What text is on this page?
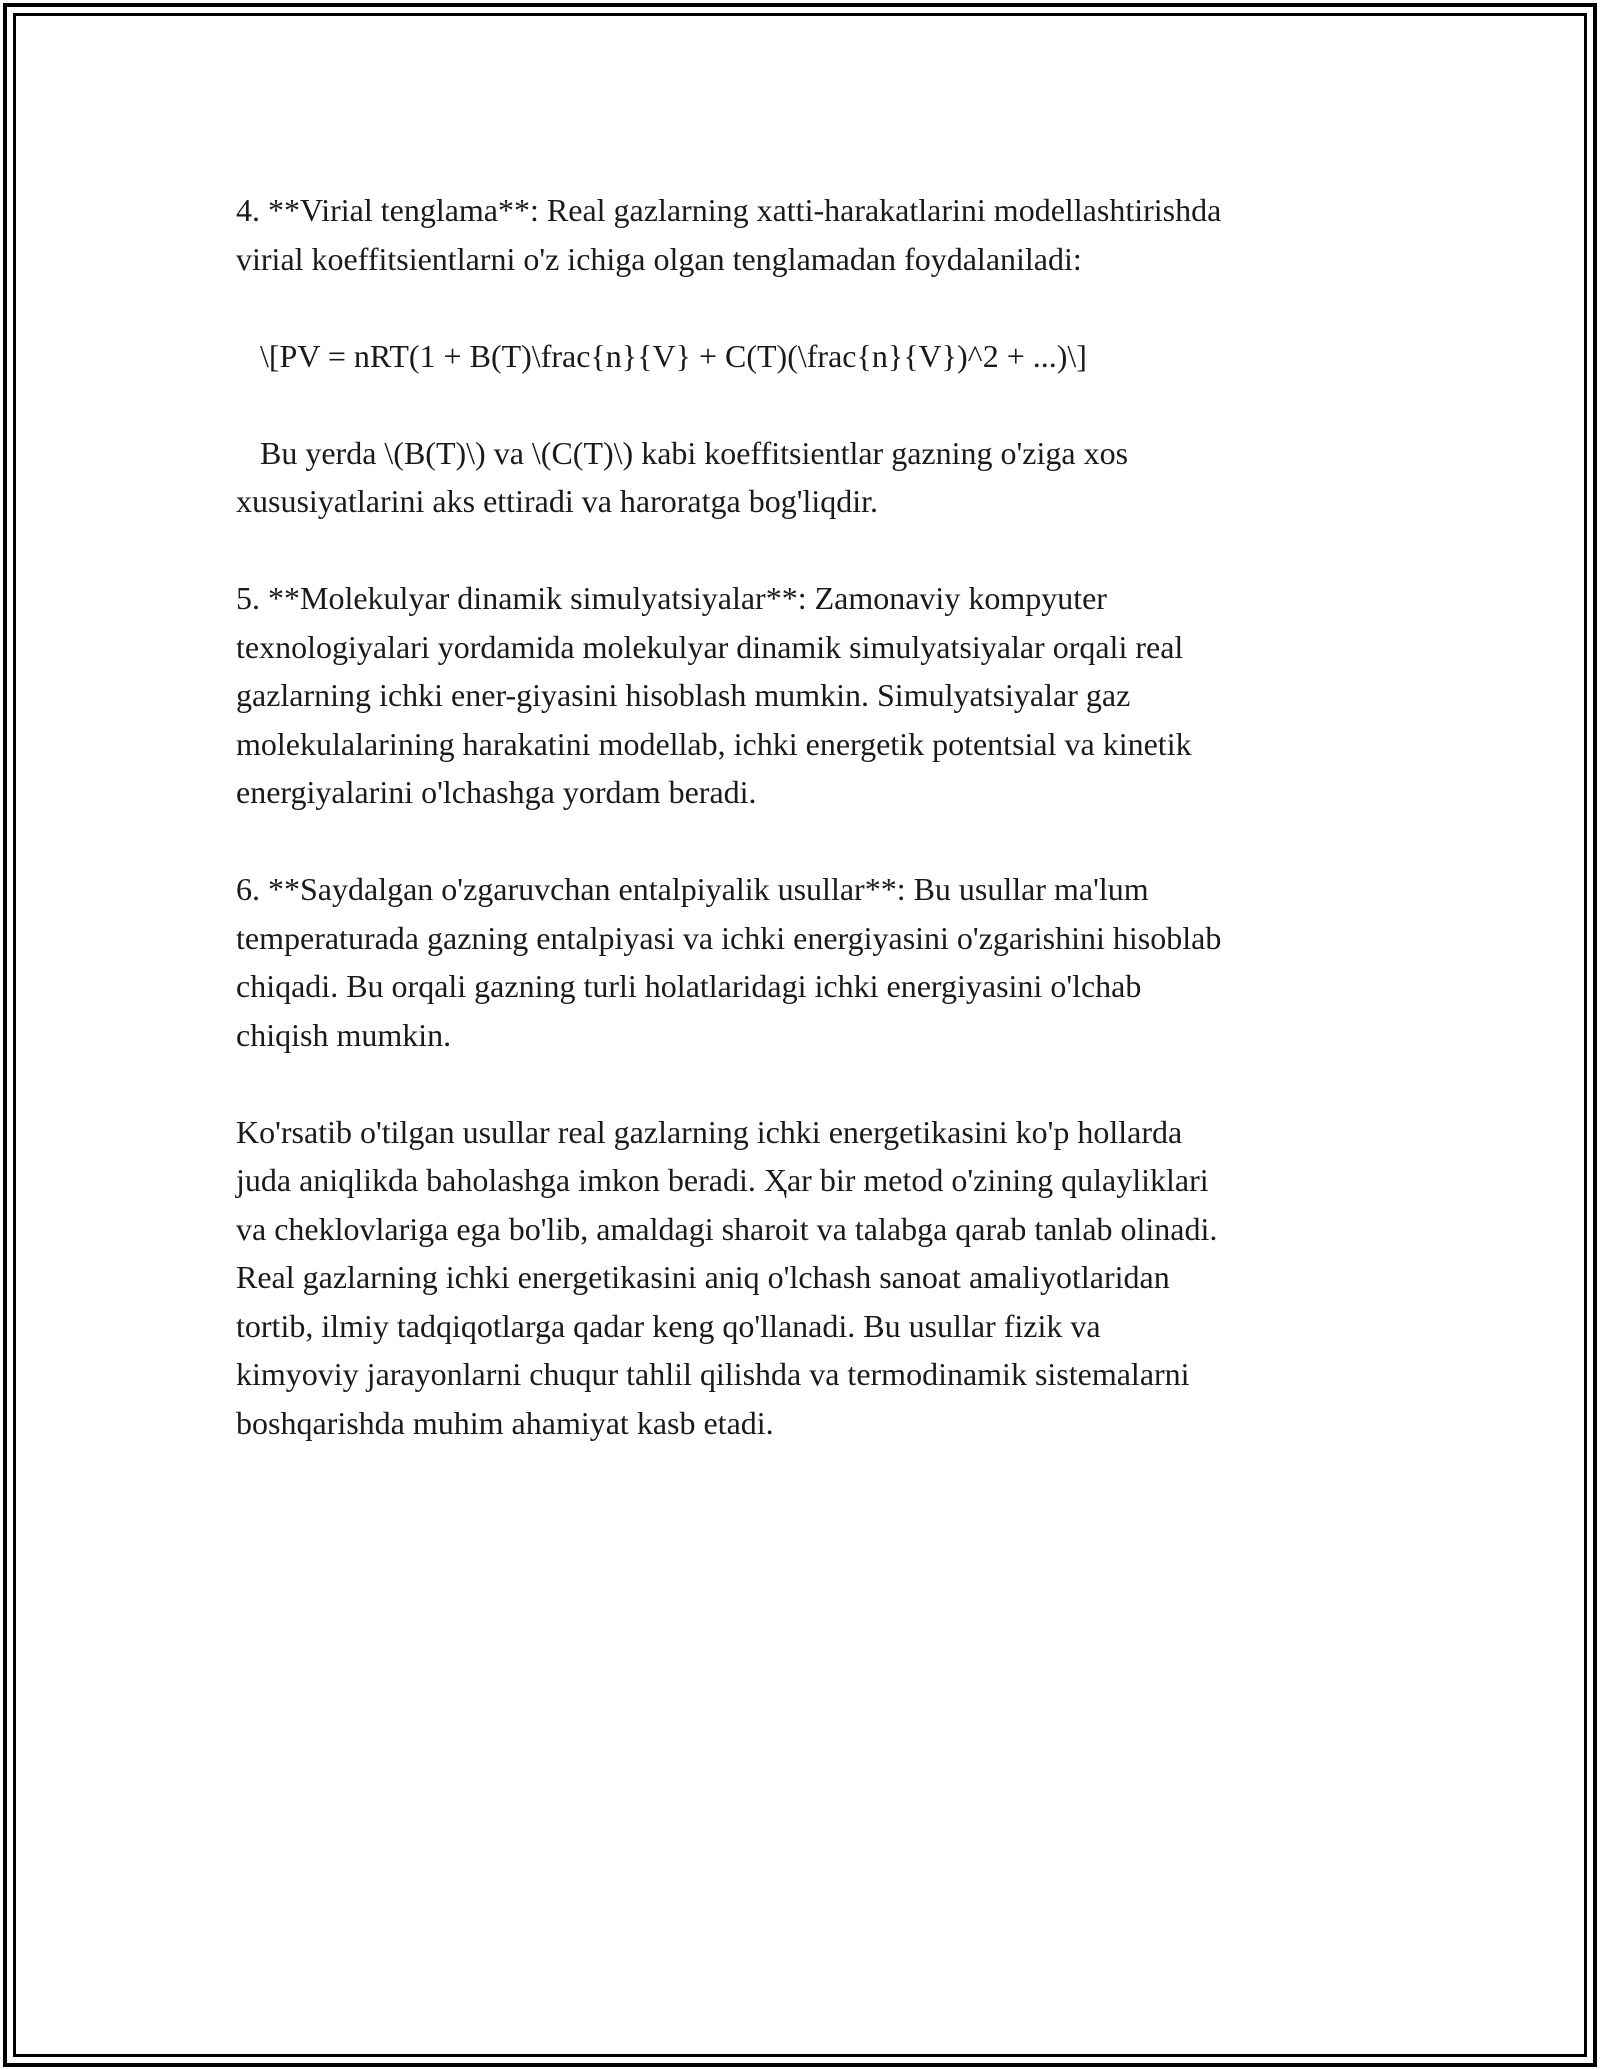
4. **Virial tenglama**: Real gazlarning xatti-harakatlarini modellashtirishda

virial koeffitsientlarni o'z ichiga olgan tenglamadan foydalaniladi:

\[PV = nRT(1 + B(T)\frac{n}{V} + C(T)(\frac{n}{V})^2 + ...)\]

Bu yerda \(B(T)\) va \(C(T)\) kabi koeffitsientlar gazning o'ziga xos

xususiyatlarini aks ettiradi va haroratga bog'liqdir.

5. **Molekulyar dinamik simulyatsiyalar**: Zamonaviy kompyuter

texnologiyalari yordamida molekulyar dinamik simulyatsiyalar orqali real

gazlarning ichki ener-giyasini hisoblash mumkin. Simulyatsiyalar gaz

molekulalarining harakatini modellab, ichki energetik potentsial va kinetik

energiyalarini o'lchashga yordam beradi.

6. **Saydalgan o'zgaruvchan entalpiyalik usullar**: Bu usullar ma'lum

temperaturada gazning entalpiyasi va ichki energiyasini o'zgarishini hisoblab

chiqadi. Bu orqali gazning turli holatlaridagi ichki energiyasini o'lchab

chiqish mumkin.

Ko'rsatib o'tilgan usullar real gazlarning ichki energetikasini ko'p hollarda

juda aniqlikda baholashga imkon beradi. Ҳar bir metod o'zining qulayliklari

va cheklovlariga ega bo'lib, amaldagi sharoit va talabga qarab tanlab olinadi.

Real gazlarning ichki energetikasini aniq o'lchash sanoat amaliyotlaridan

tortib, ilmiy tadqiqotlarga qadar keng qo'llanadi. Bu usullar fizik va

kimyoviy jarayonlarni chuqur tahlil qilishda va termodinamik sistemalarni

boshqarishda muhim ahamiyat kasb etadi.
